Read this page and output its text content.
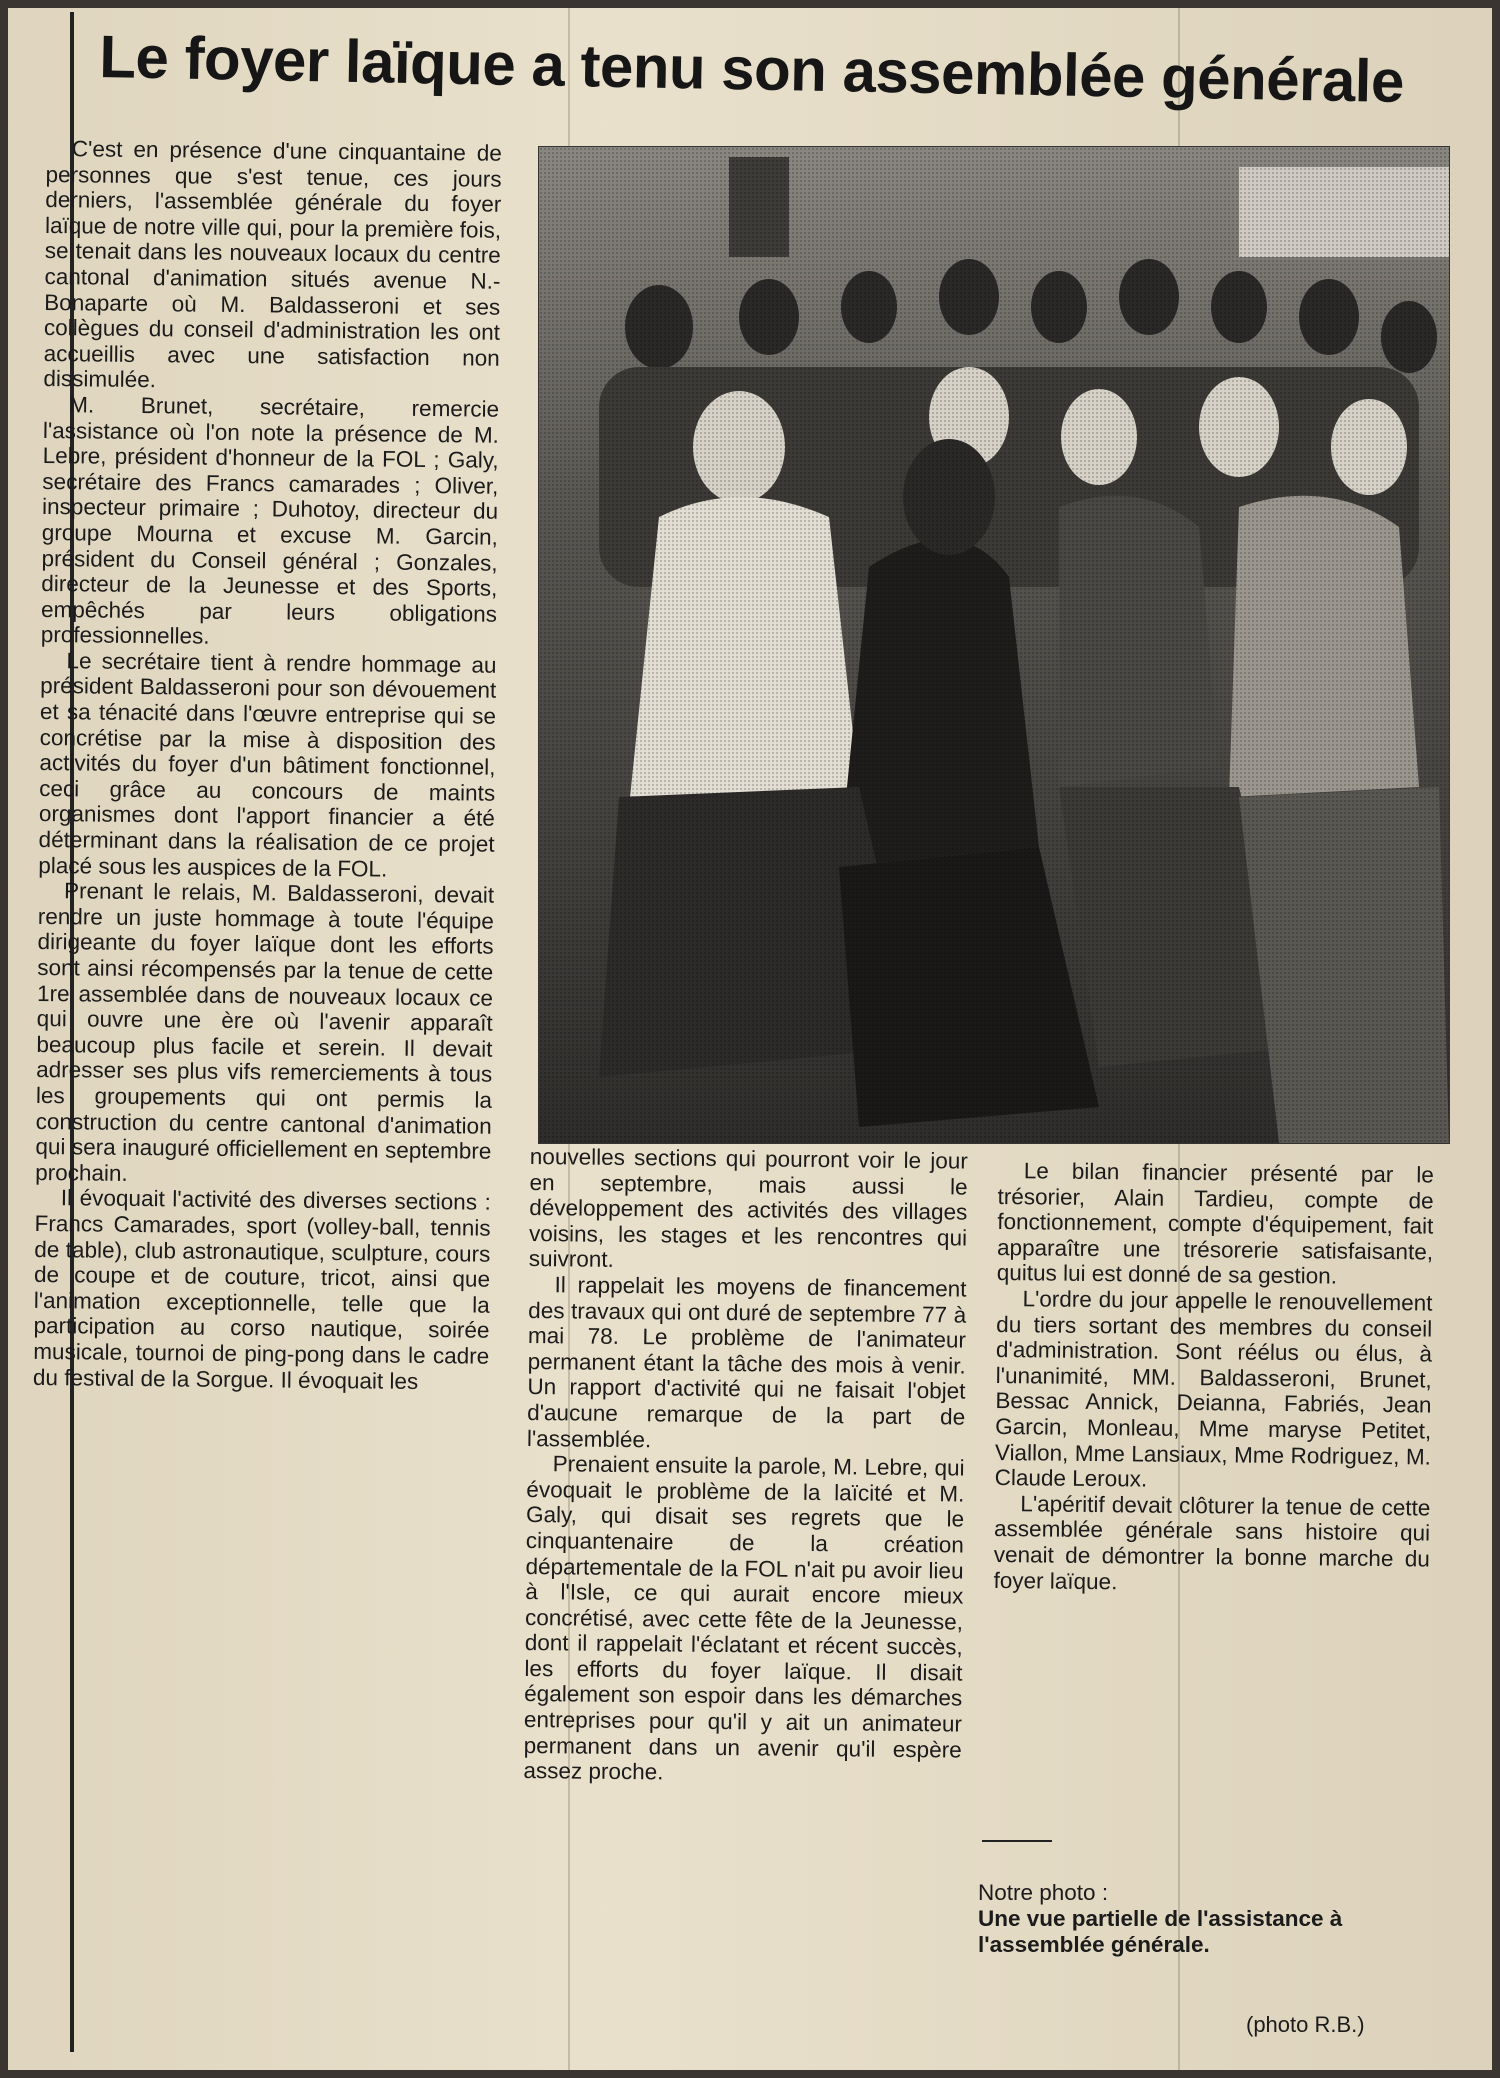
Le foyer laïque a tenu son assemblée générale

C'est en présence d'une cinquantaine de personnes que s'est tenue, ces jours derniers, l'assemblée générale du foyer laïque de notre ville qui, pour la première fois, se tenait dans les nouveaux locaux du centre cantonal d'animation situés avenue N.-Bonaparte où M. Baldasseroni et ses collègues du conseil d'administration les ont accueillis avec une satisfaction non dissimulée.

M. Brunet, secrétaire, remercie l'assistance où l'on note la présence de M. Lebre, président d'honneur de la FOL ; Galy, secrétaire des Francs camarades ; Oliver, inspecteur primaire ; Duhotoy, directeur du groupe Mourna et excuse M. Garcin, président du Conseil général ; Gonzales, directeur de la Jeunesse et des Sports, empêchés par leurs obligations professionnelles.

Le secrétaire tient à rendre hommage au président Baldasseroni pour son dévouement et sa ténacité dans l'œuvre entreprise qui se concrétise par la mise à disposition des activités du foyer d'un bâtiment fonctionnel, ceci grâce au concours de maints organismes dont l'apport financier a été déterminant dans la réalisation de ce projet placé sous les auspices de la FOL.

Prenant le relais, M. Baldasseroni, devait rendre un juste hommage à toute l'équipe dirigeante du foyer laïque dont les efforts sont ainsi récompensés par la tenue de cette 1re assemblée dans de nouveaux locaux ce qui ouvre une ère où l'avenir apparaît beaucoup plus facile et serein. Il devait adresser ses plus vifs remerciements à tous les groupements qui ont permis la construction du centre cantonal d'animation qui sera inauguré officiellement en septembre prochain.

Il évoquait l'activité des diverses sections : Francs Camarades, sport (volley-ball, tennis de table), club astronautique, sculpture, cours de coupe et de couture, tricot, ainsi que l'animation exceptionnelle, telle que la participation au corso nautique, soirée musicale, tournoi de ping-pong dans le cadre du festival de la Sorgue. Il évoquait les

nouvelles sections qui pourront voir le jour en septembre, mais aussi le développement des activités des villages voisins, les stages et les rencontres qui suivront.

Il rappelait les moyens de financement des travaux qui ont duré de septembre 77 à mai 78. Le problème de l'animateur permanent étant la tâche des mois à venir. Un rapport d'activité qui ne faisait l'objet d'aucune remarque de la part de l'assemblée.

Prenaient ensuite la parole, M. Lebre, qui évoquait le problème de la laïcité et M. Galy, qui disait ses regrets que le cinquantenaire de la création départementale de la FOL n'ait pu avoir lieu à l'Isle, ce qui aurait encore mieux concrétisé, avec cette fête de la Jeunesse, dont il rappelait l'éclatant et récent succès, les efforts du foyer laïque. Il disait également son espoir dans les démarches entreprises pour qu'il y ait un animateur permanent dans un avenir qu'il espère assez proche.

Le bilan financier présenté par le trésorier, Alain Tardieu, compte de fonctionnement, compte d'équipement, fait apparaître une trésorerie satisfaisante, quitus lui est donné de sa gestion.

L'ordre du jour appelle le renouvellement du tiers sortant des membres du conseil d'administration. Sont réélus ou élus, à l'unanimité, MM. Baldasseroni, Brunet, Bessac Annick, Deianna, Fabriés, Jean Garcin, Monleau, Mme maryse Petitet, Viallon, Mme Lansiaux, Mme Rodriguez, M. Claude Leroux.

L'apéritif devait clôturer la tenue de cette assemblée générale sans histoire qui venait de démontrer la bonne marche du foyer laïque.

Notre photo :
Une vue partielle de l'assistance à l'assemblée générale.
(photo R.B.)
